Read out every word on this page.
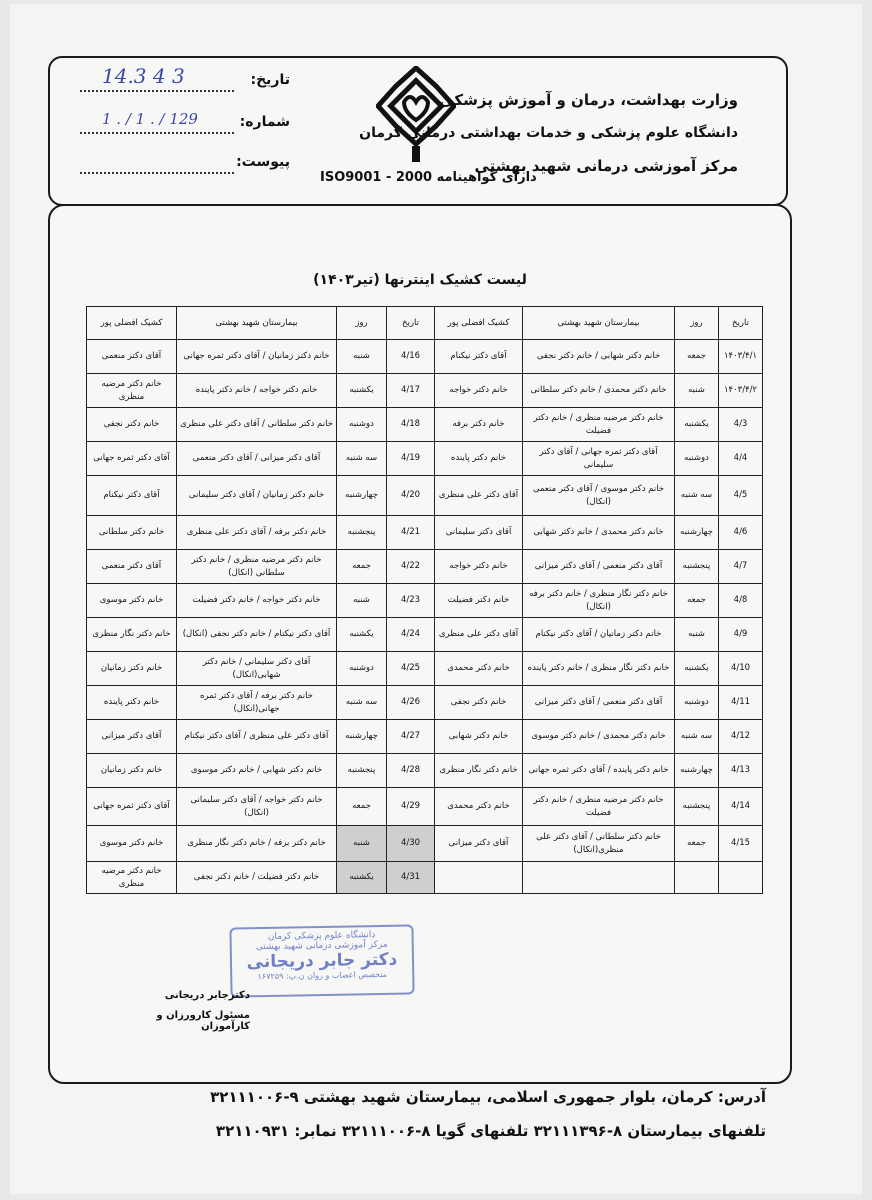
وزارت بهداشت، درمان و آموزش پزشکی
دانشگاه علوم پزشکی و خدمات بهداشتی درمانی کرمان
مرکز آموزشی درمانی شهید بهشتی
دارای گواهینامه 2000 - ISO9001
تاریخ:
14.3 4 3
شماره:
1 . / 1 . / 129
پیوست:
لیست کشیک اینترنها (تیر۱۴۰۳)
تاریخ	روز	بیمارستان شهید بهشتی	کشیک افضلی پور	تاریخ	روز	بیمارستان شهید بهشتی	کشیک افضلی پور
۱۴۰۳/۴/۱	جمعه	خانم دکتر شهابی / خانم دکتر نجفی	آقای دکتر نیکنام	4/16	شنبه	خانم دکتر زمانیان / آقای دکتر ثمره جهانی	آقای دکتر منعمی
۱۴۰۳/۴/۲	شنبه	خانم دکتر محمدی / خانم دکتر سلطانی	خانم دکتر خواجه	4/17	یکشنبه	خانم دکتر خواجه / خانم دکتر پاینده	خانم دکتر مرضیه منظری
4/3	یکشنبه	خانم دکتر مرضیه منظری / خانم دکتر فضیلت	خانم دکتر برفه	4/18	دوشنبه	خانم دکتر سلطانی / آقای دکتر علی منظری	خانم دکتر نجفی
4/4	دوشنبه	آقای دکتر ثمره جهانی / آقای دکتر سلیمانی	خانم دکتر پاینده	4/19	سه شنبه	آقای دکتر میزانی / آقای دکتر منعمی	آقای دکتر ثمره جهانی
4/5	سه شنبه	خانم دکتر موسوی / آقای دکتر منعمی (انکال)	آقای دکتر علی منظری	4/20	چهارشنبه	خانم دکتر زمانیان / آقای دکتر سلیمانی	آقای دکتر نیکنام
4/6	چهارشنبه	خانم دکتر محمدی / خانم دکتر شهابی	آقای دکتر سلیمانی	4/21	پنجشنبه	خانم دکتر برفه / آقای دکتر علی منظری	خانم دکتر سلطانی
4/7	پنجشنبه	آقای دکتر منعمی / آقای دکتر میزانی	خانم دکتر خواجه	4/22	جمعه	خانم دکتر مرضیه منظری / خانم دکتر سلطانی (انکال)	آقای دکتر منعمی
4/8	جمعه	خانم دکتر نگار منظری / خانم دکتر برفه (انکال)	خانم دکتر فضیلت	4/23	شنبه	خانم دکتر خواجه / خانم دکتر فضیلت	خانم دکتر موسوی
4/9	شنبه	خانم دکتر زمانیان / آقای دکتر نیکنام	آقای دکتر علی منظری	4/24	یکشنبه	آقای دکتر نیکنام / خانم دکتر نجفی (انکال)	خانم دکتر نگار منظری
4/10	یکشنبه	خانم دکتر نگار منظری / خانم دکتر پاینده	خانم دکتر محمدی	4/25	دوشنبه	آقای دکتر سلیمانی / خانم دکتر شهابی(انکال)	خانم دکتر زمانیان
4/11	دوشنبه	آقای دکتر منعمی / آقای دکتر میزانی	خانم دکتر نجفی	4/26	سه شنبه	خانم دکتر برفه / آقای دکتر ثمره جهانی(انکال)	خانم دکتر پاینده
4/12	سه شنبه	خانم دکتر محمدی / خانم دکتر موسوی	خانم دکتر شهابی	4/27	چهارشنبه	آقای دکتر علی منظری / آقای دکتر نیکنام	آقای دکتر میزانی
4/13	چهارشنبه	خانم دکتر پاینده / آقای دکتر ثمره جهانی	خانم دکتر نگار منظری	4/28	پنجشنبه	خانم دکتر شهابی / خانم دکتر موسوی	خانم دکتر زمانیان
4/14	پنجشنبه	خانم دکتر مرضیه منظری / خانم دکتر فضیلت	خانم دکتر محمدی	4/29	جمعه	خانم دکتر خواجه / آقای دکتر سلیمانی (انکال)	آقای دکتر ثمره جهانی
4/15	جمعه	خانم دکتر سلطانی / آقای دکتر علی منظری(انکال)	آقای دکتر میزانی	4/30	شنبه	خانم دکتر برفه / خانم دکتر نگار منظری	خانم دکتر موسوی
				4/31	یکشنبه	خانم دکتر فضیلت / خانم دکتر نجفی	خانم دکتر مرضیه منظری
دانشگاه علوم پزشکی کرمان
مرکز آموزشی درمانی شهید بهشتی
دکتر جابر دریجانی
متخصص اعصاب و روان ن.پ: ۱۶۷۲۵۹
دکترجابر دریجانی
مسئول کارورزان و کارآموزان
آدرس: کرمان، بلوار جمهوری اسلامی، بیمارستان شهید بهشتی ۹-۳۲۱۱۱۰۰۶
تلفنهای بیمارستان ۸-۳۲۱۱۱۳۹۶ تلفنهای گویا ۸-۳۲۱۱۱۰۰۶ نمابر: ۳۲۱۱۰۹۳۱
